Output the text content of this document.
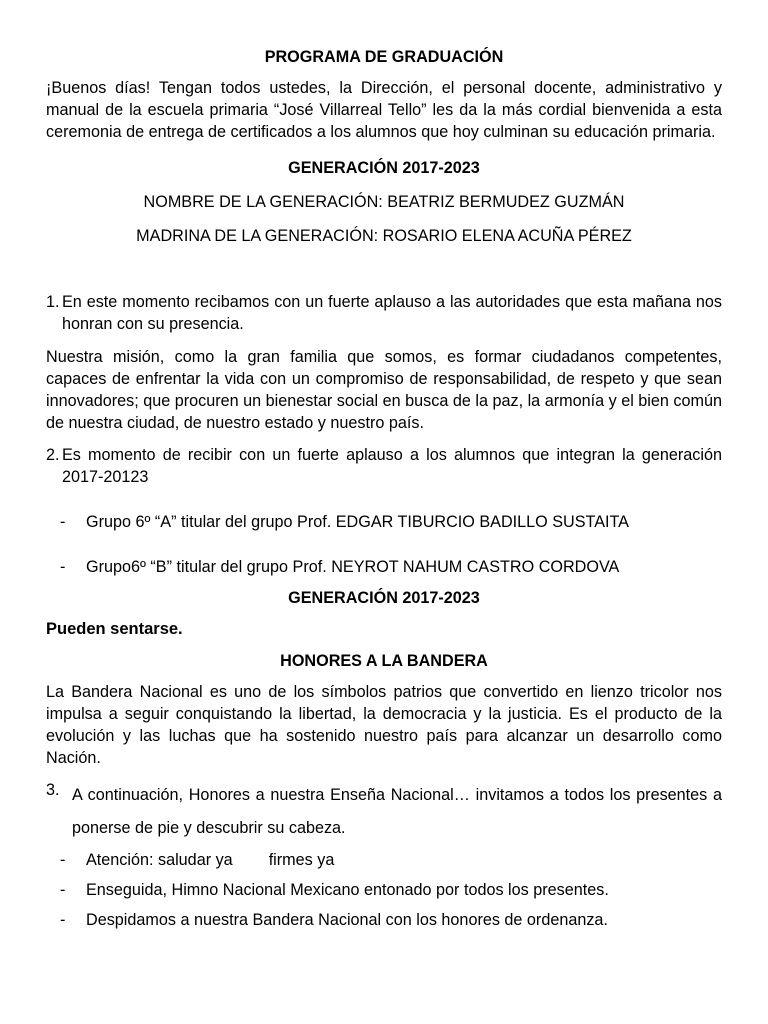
PROGRAMA DE GRADUACIÓN

¡Buenos días! Tengan todos ustedes, la Dirección, el personal docente, administrativo y manual de la escuela primaria “José Villarreal Tello” les da la más cordial bienvenida a esta ceremonia de entrega de certificados a los alumnos que hoy culminan su educación primaria.

GENERACIÓN 2017-2023

NOMBRE DE LA GENERACIÓN: BEATRIZ BERMUDEZ GUZMÁN

MADRINA DE LA GENERACIÓN: ROSARIO ELENA ACUÑA PÉREZ

1. En este momento recibamos con un fuerte aplauso a las autoridades que esta mañana nos honran con su presencia.

Nuestra misión, como la gran familia que somos, es formar ciudadanos competentes, capaces de enfrentar la vida con un compromiso de responsabilidad, de respeto y que sean innovadores; que procuren un bienestar social en busca de la paz, la armonía y el bien común de nuestra ciudad, de nuestro estado y nuestro país.

2. Es momento de recibir con un fuerte aplauso a los alumnos que integran la generación 2017-20123
-	Grupo 6º “A” titular del grupo Prof. EDGAR TIBURCIO BADILLO SUSTAITA
-	Grupo6º “B” titular del grupo Prof. NEYROT NAHUM CASTRO CORDOVA

GENERACIÓN 2017-2023

Pueden sentarse.

HONORES A LA BANDERA

La Bandera Nacional es uno de los símbolos patrios que convertido en lienzo tricolor nos impulsa a seguir conquistando la libertad, la democracia y la justicia. Es el producto de la evolución y las luchas que ha sostenido nuestro país para alcanzar un desarrollo como Nación.

3. A continuación, Honores a nuestra Enseña Nacional… invitamos a todos los presentes a ponerse de pie y descubrir su cabeza.
-	Atención: saludar ya firmes ya
-	Enseguida, Himno Nacional Mexicano entonado por todos los presentes.
-	Despidamos a nuestra Bandera Nacional con los honores de ordenanza.
